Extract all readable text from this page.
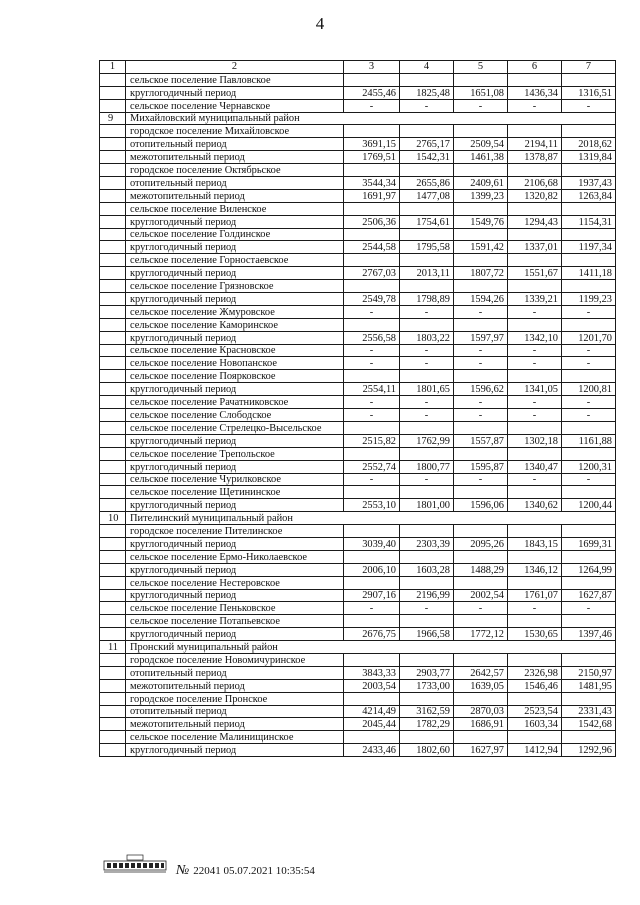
4
1	2	3	4	5	6	7
	сельское поселение Павловское					
	круглогодичный период	2455,46	1825,48	1651,08	1436,34	1316,51
	сельское поселение Чернавское	-	-	-	-	-
9	Михайловский муниципальный район					
	городское поселение Михайловское					
	отопительный период	3691,15	2765,17	2509,54	2194,11	2018,62
	межотопительный период	1769,51	1542,31	1461,38	1378,87	1319,84
	городское поселение Октябрьское					
	отопительный период	3544,34	2655,86	2409,61	2106,68	1937,43
	межотопительный период	1691,97	1477,08	1399,23	1320,82	1263,84
	сельское поселение Виленское					
	круглогодичный период	2506,36	1754,61	1549,76	1294,43	1154,31
	сельское поселение Голдинское					
	круглогодичный период	2544,58	1795,58	1591,42	1337,01	1197,34
	сельское поселение Горностаевское					
	круглогодичный период	2767,03	2013,11	1807,72	1551,67	1411,18
	сельское поселение Грязновское					
	круглогодичный период	2549,78	1798,89	1594,26	1339,21	1199,23
	сельское поселение Жмуровское	-	-	-	-	-
	сельское поселение Каморинское					
	круглогодичный период	2556,58	1803,22	1597,97	1342,10	1201,70
	сельское поселение Красновское	-	-	-	-	-
	сельское поселение Новопанское	-	-	-	-	-
	сельское поселение Поярковское					
	круглогодичный период	2554,11	1801,65	1596,62	1341,05	1200,81
	сельское поселение Рачатниковское	-	-	-	-	-
	сельское поселение Слободское	-	-	-	-	-
	сельское поселение Стрелецко-Высельское					
	круглогодичный период	2515,82	1762,99	1557,87	1302,18	1161,88
	сельское поселение Трепольское					
	круглогодичный период	2552,74	1800,77	1595,87	1340,47	1200,31
	сельское поселение Чурилковское	-	-	-	-	-
	сельское поселение Щетининское					
	круглогодичный период	2553,10	1801,00	1596,06	1340,62	1200,44
10	Пителинский муниципальный район					
	городское поселение Пителинское					
	круглогодичный период	3039,40	2303,39	2095,26	1843,15	1699,31
	сельское поселение Ермо-Николаевское					
	круглогодичный период	2006,10	1603,28	1488,29	1346,12	1264,99
	сельское поселение Нестеровское					
	круглогодичный период	2907,16	2196,99	2002,54	1761,07	1627,87
	сельское поселение Пеньковское	-	-	-	-	-
	сельское поселение Потапьевское					
	круглогодичный период	2676,75	1966,58	1772,12	1530,65	1397,46
11	Пронский муниципальный район					
	городское поселение Новомичуринское					
	отопительный период	3843,33	2903,77	2642,57	2326,98	2150,97
	межотопительный период	2003,54	1733,00	1639,05	1546,46	1481,95
	городское поселение Пронское					
	отопительный период	4214,49	3162,59	2870,03	2523,54	2331,43
	межотопительный период	2045,44	1782,29	1686,91	1603,34	1542,68
	сельское поселение Малинищинское					
	круглогодичный период	2433,46	1802,60	1627,97	1412,94	1292,96
№ 22041 05.07.2021 10:35:54
